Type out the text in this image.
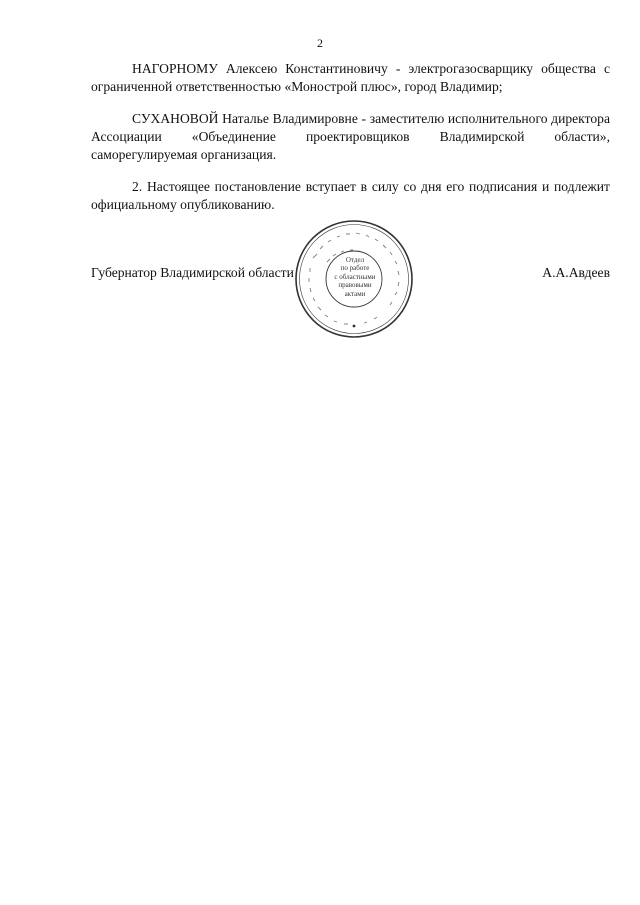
2

НАГОРНОМУ Алексею Константиновичу - электрогазосварщику общества с ограниченной ответственностью «Монострой плюс», город Владимир;

СУХАНОВОЙ Наталье Владимировне - заместителю исполнительного директора Ассоциации «Объединение проектировщиков Владимирской области», саморегулируемая организация.

2. Настоящее постановление вступает в силу со дня его подписания и подлежит официальному опубликованию.

Губернатор Владимирской области	А.А.Авдеев
Отдел
по работе
с областными
правовыми
актами
